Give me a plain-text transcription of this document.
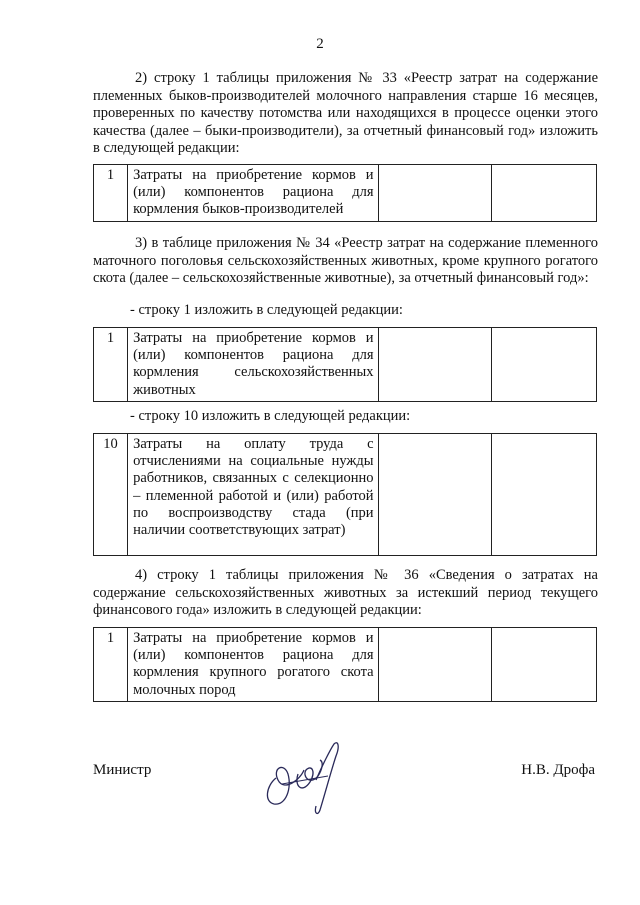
2
2) строку 1 таблицы приложения № 33 «Реестр затрат на содержание племенных быков-производителей молочного направления старше 16 месяцев, проверенных по качеству потомства или находящихся в процессе оценки этого качества (далее – быки-производители), за отчетный финансовый год» изложить в следующей редакции:
1	Затраты на приобретение кормов и (или) компонентов рациона для кормления быков-производителей		
3) в таблице приложения № 34 «Реестр затрат на содержание племенного маточного поголовья сельскохозяйственных животных, кроме крупного рогатого скота (далее – сельскохозяйственные животные), за отчетный финансовый год»:
- строку 1 изложить в следующей редакции:
1	Затраты на приобретение кормов и (или) компонентов рациона для кормления сельскохозяйственных животных		
- строку 10 изложить в следующей редакции:
10	Затраты на оплату труда с отчислениями на социальные нужды работников, связанных с селекционно – племенной работой и (или) работой по воспроизводству стада (при наличии соответствующих затрат)		
4) строку 1 таблицы приложения № 36 «Сведения о затратах на содержание сельскохозяйственных животных за истекший период текущего финансового года» изложить в следующей редакции:
1	Затраты на приобретение кормов и (или) компонентов рациона для кормления крупного рогатого скота молочных пород		
Министр	Н.В. Дрофа
